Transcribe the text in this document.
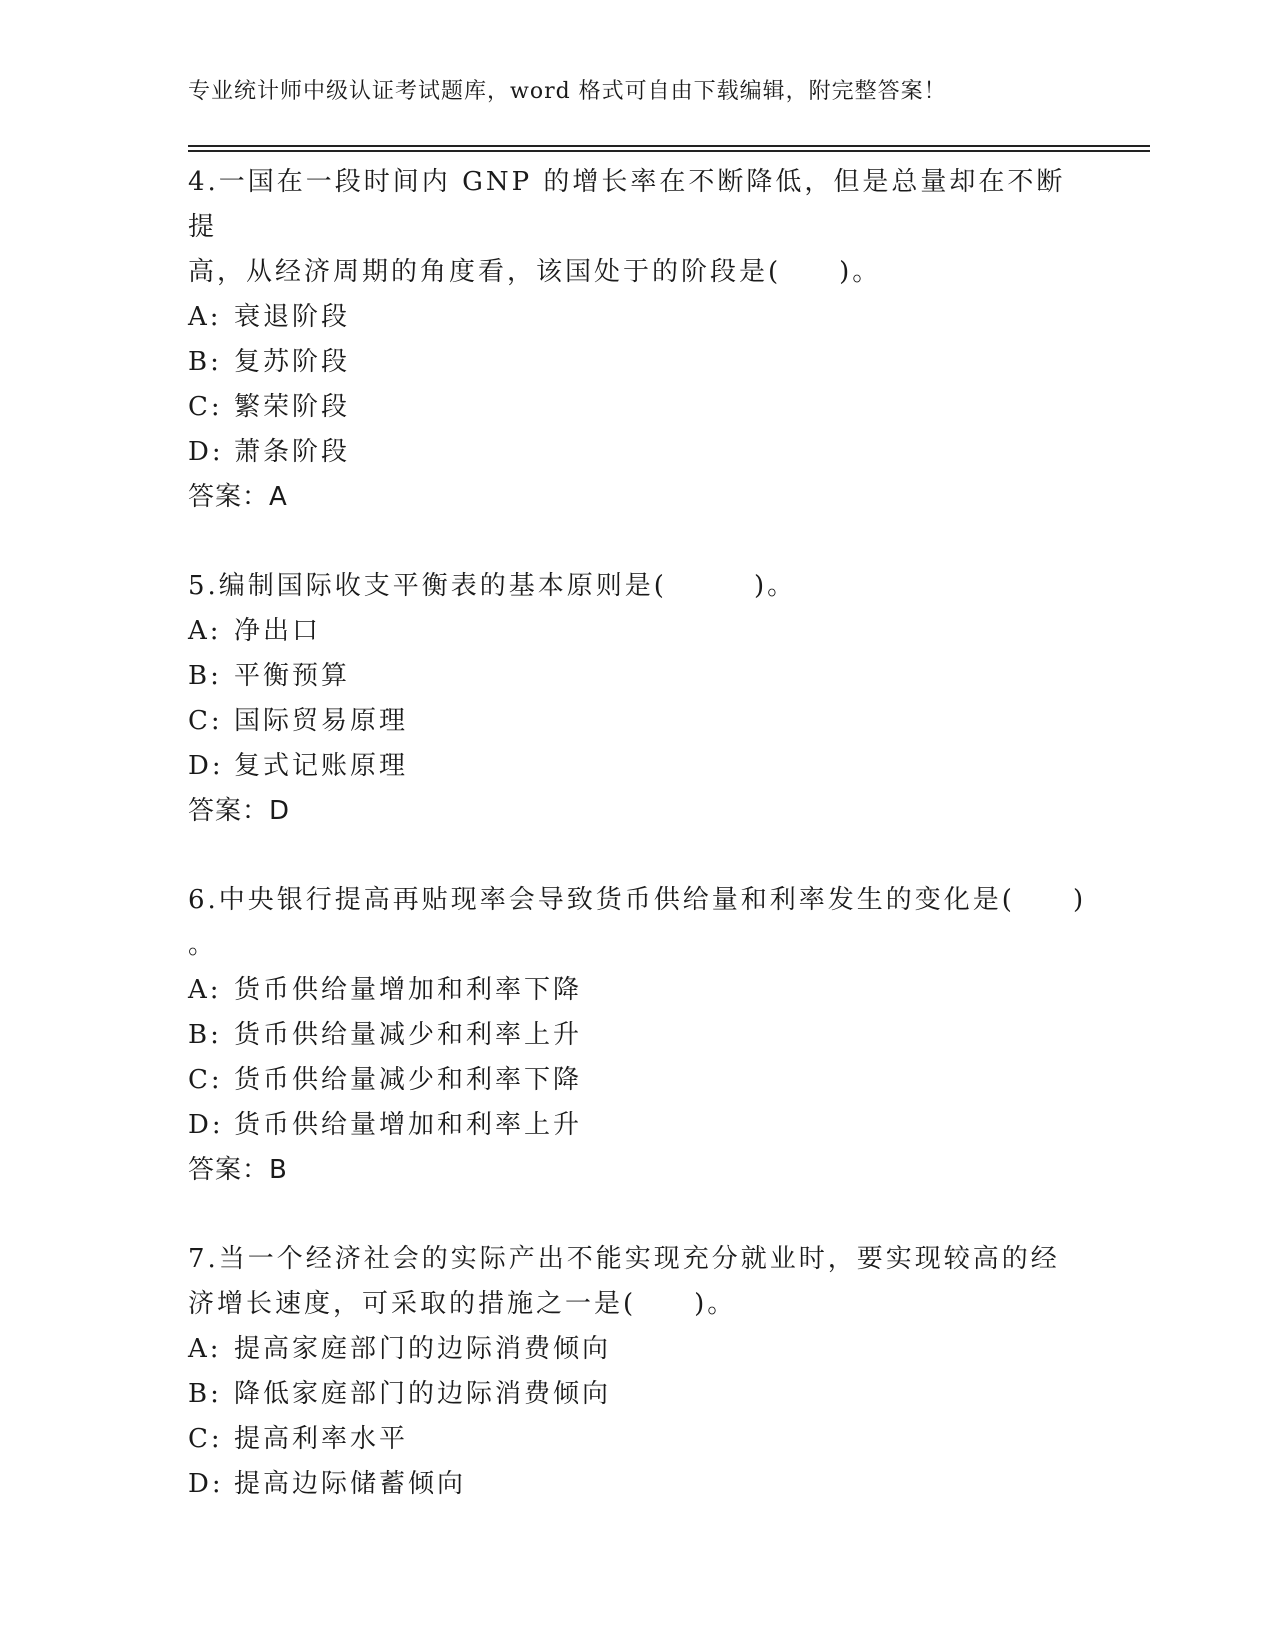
专业统计师中级认证考试题库，word 格式可自由下载编辑，附完整答案！

4.一国在一段时间内 GNP 的增长率在不断降低，但是总量却在不断提
高，从经济周期的角度看，该国处于的阶段是(　　)。

A: 衰退阶段
B: 复苏阶段
C: 繁荣阶段
D: 萧条阶段
答案：A

5.编制国际收支平衡表的基本原则是(　　　)。

A: 净出口
B: 平衡预算
C: 国际贸易原理
D: 复式记账原理
答案：D

6.中央银行提高再贴现率会导致货币供给量和利率发生的变化是(　　)
。

A: 货币供给量增加和利率下降
B: 货币供给量减少和利率上升
C: 货币供给量减少和利率下降
D: 货币供给量增加和利率上升
答案：B

7.当一个经济社会的实际产出不能实现充分就业时，要实现较高的经
济增长速度，可采取的措施之一是(　　)。

A: 提高家庭部门的边际消费倾向
B: 降低家庭部门的边际消费倾向
C: 提高利率水平
D: 提高边际储蓄倾向
